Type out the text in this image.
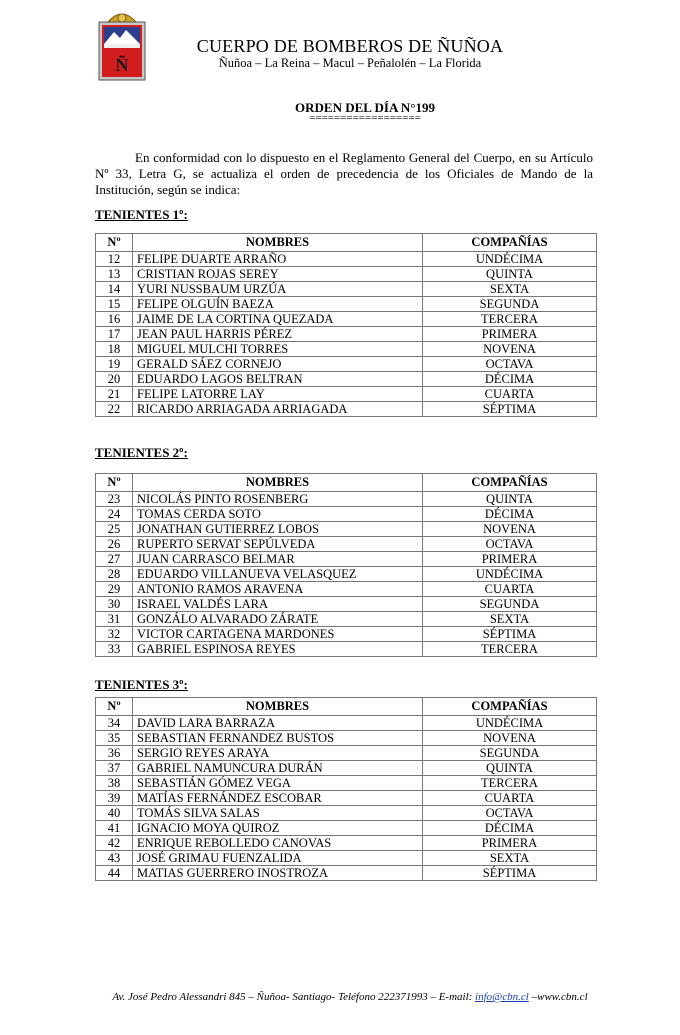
Ñ
CUERPO DE BOMBEROS DE ÑUÑOA
Ñuñoa – La Reina – Macul – Peñalolén – La Florida
ORDEN DEL DÍA N°199
==================

En conformidad con lo dispuesto en el Reglamento General del Cuerpo, en su Artículo Nº 33, Letra G, se actualiza el orden de precedencia de los Oficiales de Mando de la Institución, según se indica:

TENIENTES 1º:
Nº	NOMBRES	COMPAÑÍAS
12	FELIPE DUARTE ARRAÑO	UNDÉCIMA
13	CRISTIAN ROJAS SEREY	QUINTA
14	YURI NUSSBAUM URZÚA	SEXTA
15	FELIPE OLGUÍN BAEZA	SEGUNDA
16	JAIME DE LA CORTINA QUEZADA	TERCERA
17	JEAN PAUL HARRIS PÉREZ	PRIMERA
18	MIGUEL MULCHI TORRES	NOVENA
19	GERALD SÁEZ CORNEJO	OCTAVA
20	EDUARDO LAGOS BELTRAN	DÉCIMA
21	FELIPE LATORRE LAY	CUARTA
22	RICARDO ARRIAGADA ARRIAGADA	SÉPTIMA
TENIENTES 2º:
Nº	NOMBRES	COMPAÑÍAS
23	NICOLÁS PINTO ROSENBERG	QUINTA
24	TOMAS CERDA SOTO	DÉCIMA
25	JONATHAN GUTIERREZ LOBOS	NOVENA
26	RUPERTO SERVAT SEPÚLVEDA	OCTAVA
27	JUAN CARRASCO BELMAR	PRIMERA
28	EDUARDO VILLANUEVA VELASQUEZ	UNDÉCIMA
29	ANTONIO RAMOS ARAVENA	CUARTA
30	ISRAEL VALDÉS LARA	SEGUNDA
31	GONZÁLO ALVARADO ZÁRATE	SEXTA
32	VICTOR CARTAGENA MARDONES	SÉPTIMA
33	GABRIEL ESPINOSA REYES	TERCERA
TENIENTES 3º:
Nº	NOMBRES	COMPAÑÍAS
34	DAVID LARA BARRAZA	UNDÉCIMA
35	SEBASTIAN FERNANDEZ BUSTOS	NOVENA
36	SERGIO REYES ARAYA	SEGUNDA
37	GABRIEL NAMUNCURA DURÁN	QUINTA
38	SEBASTIÁN GÓMEZ VEGA	TERCERA
39	MATÍAS FERNÁNDEZ ESCOBAR	CUARTA
40	TOMÁS SILVA SALAS	OCTAVA
41	IGNACIO MOYA QUIROZ	DÉCIMA
42	ENRIQUE REBOLLEDO CANOVAS	PRIMERA
43	JOSÉ GRIMAU FUENZALIDA	SEXTA
44	MATIAS GUERRERO INOSTROZA	SÉPTIMA
Av. José Pedro Alessandri 845 – Ñuñoa- Santiago- Teléfono 222371993 – E-mail: info@cbn.cl –www.cbn.cl
